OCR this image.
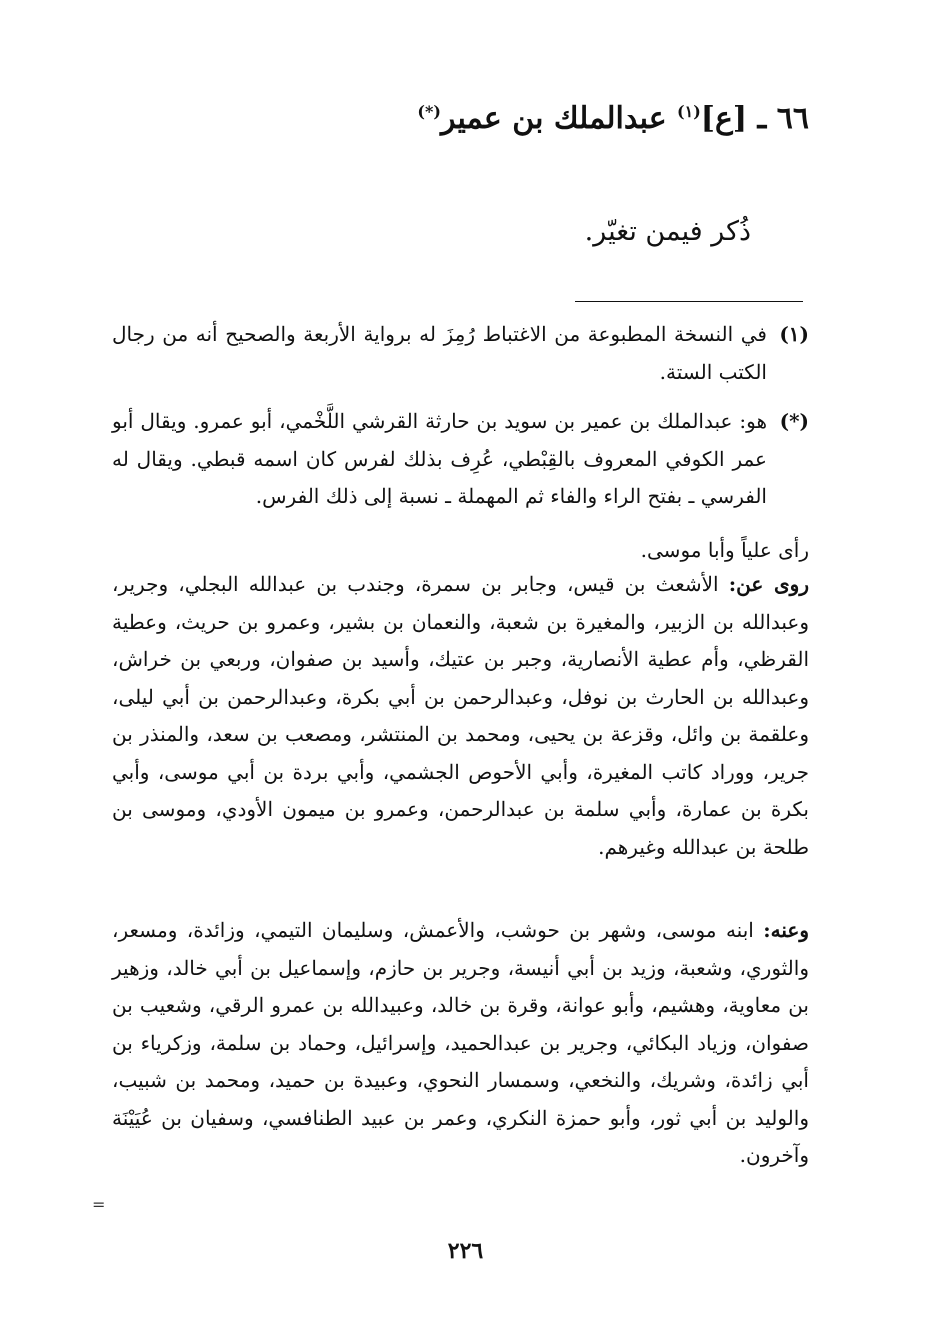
٦٦ ـ [ع]$^{(١)}$ عبدالملك بن عمير(*)
ذُكر فيمن تغيّر.
(١)
في النسخة المطبوعة من الاغتباط رُمِزَ له برواية الأربعة والصحيح أنه من رجال الكتب الستة.
(*)
هو: عبدالملك بن عمير بن سويد بن حارثة القرشي اللَّخْمي، أبو عمرو. ويقال أبو عمر الكوفي المعروف بالقِبْطي، عُرِف بذلك لفرس كان اسمه قبطي. ويقال له الفرسي ـ بفتح الراء والفاء ثم المهملة ـ نسبة إلى ذلك الفرس.
رأى علياً وأبا موسى.
روى عن: الأشعث بن قيس، وجابر بن سمرة، وجندب بن عبدالله البجلي، وجرير، وعبدالله بن الزبير، والمغيرة بن شعبة، والنعمان بن بشير، وعمرو بن حريث، وعطية القرظي، وأم عطية الأنصارية، وجبر بن عتيك، وأسيد بن صفوان، وربعي بن خراش، وعبدالله بن الحارث بن نوفل، وعبدالرحمن بن أبي بكرة، وعبدالرحمن بن أبي ليلى، وعلقمة بن وائل، وقزعة بن يحيى، ومحمد بن المنتشر، ومصعب بن سعد، والمنذر بن جرير، ووراد كاتب المغيرة، وأبي الأحوص الجشمي، وأبي بردة بن أبي موسى، وأبي بكرة بن عمارة، وأبي سلمة بن عبدالرحمن، وعمرو بن ميمون الأودي، وموسى بن طلحة بن عبدالله وغيرهم.
وعنه: ابنه موسى، وشهر بن حوشب، والأعمش، وسليمان التيمي، وزائدة، ومسعر، والثوري، وشعبة، وزيد بن أبي أنيسة، وجرير بن حازم، وإسماعيل بن أبي خالد، وزهير بن معاوية، وهشيم، وأبو عوانة، وقرة بن خالد، وعبيدالله بن عمرو الرقي، وشعيب بن صفوان، وزياد البكائي، وجرير بن عبدالحميد، وإسرائيل، وحماد بن سلمة، وزكرياء بن أبي زائدة، وشريك، والنخعي، وسمسار النحوي، وعبيدة بن حميد، ومحمد بن شبيب، والوليد بن أبي ثور، وأبو حمزة النكري، وعمر بن عبيد الطنافسي، وسفيان بن عُيَيْنَة وآخرون.
=
٢٢٦
